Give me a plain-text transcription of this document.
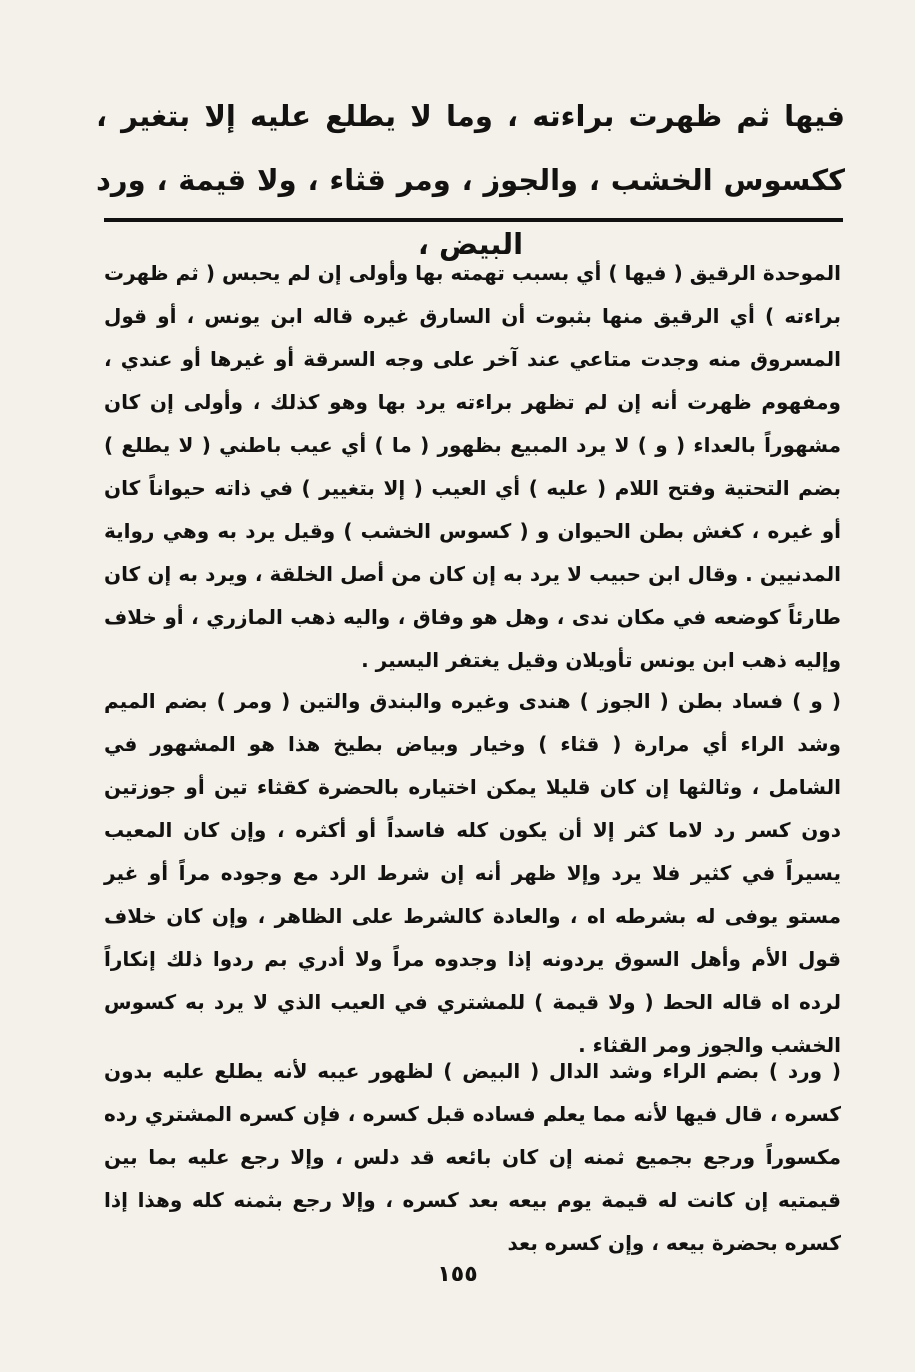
فيها ثم ظهرت براءته ، وما لا يطلع عليه إلا بتغير ، ككسوس الخشب ، والجوز ، ومر قثاء ، ولا قيمة ، ورد البيض ،
الموحدة الرقيق ( فيها ) أي بسبب تهمته بها وأولى إن لم يحبس ( ثم ظهرت براءته ) أي الرقيق منها بثبوت أن السارق غيره قاله ابن يونس ، أو قول المسروق منه وجدت متاعي عند آخر على وجه السرقة أو غيرها أو عندي ، ومفهوم ظهرت أنه إن لم تظهر براءته يرد بها وهو كذلك ، وأولى إن كان مشهوراً بالعداء ( و ) لا يرد المبيع بظهور ( ما ) أي عيب باطني ( لا يطلع ) بضم التحتية وفتح اللام ( عليه ) أي العيب ( إلا بتغيير ) في ذاته حيواناً كان أو غيره ، كغش بطن الحيوان و ( كسوس الخشب ) وقيل يرد به وهي رواية المدنيين . وقال ابن حبيب لا يرد به إن كان من أصل الخلقة ، ويرد به إن كان طارئاً كوضعه في مكان ندى ، وهل هو وفاق ، واليه ذهب المازري ، أو خلاف وإليه ذهب ابن يونس تأويلان وقيل يغتفر اليسير .
( و ) فساد بطن ( الجوز ) هندى وغيره والبندق والتين ( ومر ) بضم الميم وشد الراء أي مرارة ( قثاء ) وخيار وبياض بطيخ هذا هو المشهور في الشامل ، وثالثها إن كان قليلا يمكن اختياره بالحضرة كقثاء تين أو جوزتين دون كسر رد لاما كثر إلا أن يكون كله فاسداً أو أكثره ، وإن كان المعيب يسيراً في كثير فلا يرد وإلا ظهر أنه إن شرط الرد مع وجوده مراً أو غير مستو يوفى له بشرطه اه ، والعادة كالشرط على الظاهر ، وإن كان خلاف قول الأم وأهل السوق يردونه إذا وجدوه مراً ولا أدري بم ردوا ذلك إنكاراً لرده اه قاله الحط ( ولا قيمة ) للمشتري في العيب الذي لا يرد به كسوس الخشب والجوز ومر القثاء .
( ورد ) بضم الراء وشد الدال ( البيض ) لظهور عيبه لأنه يطلع عليه بدون كسره ، قال فيها لأنه مما يعلم فساده قبل كسره ، فإن كسره المشتري رده مكسوراً ورجع بجميع ثمنه إن كان بائعه قد دلس ، وإلا رجع عليه بما بين قيمتيه إن كانت له قيمة يوم بيعه بعد كسره ، وإلا رجع بثمنه كله وهذا إذا كسره بحضرة بيعه ، وإن كسره بعد
١٥٥
